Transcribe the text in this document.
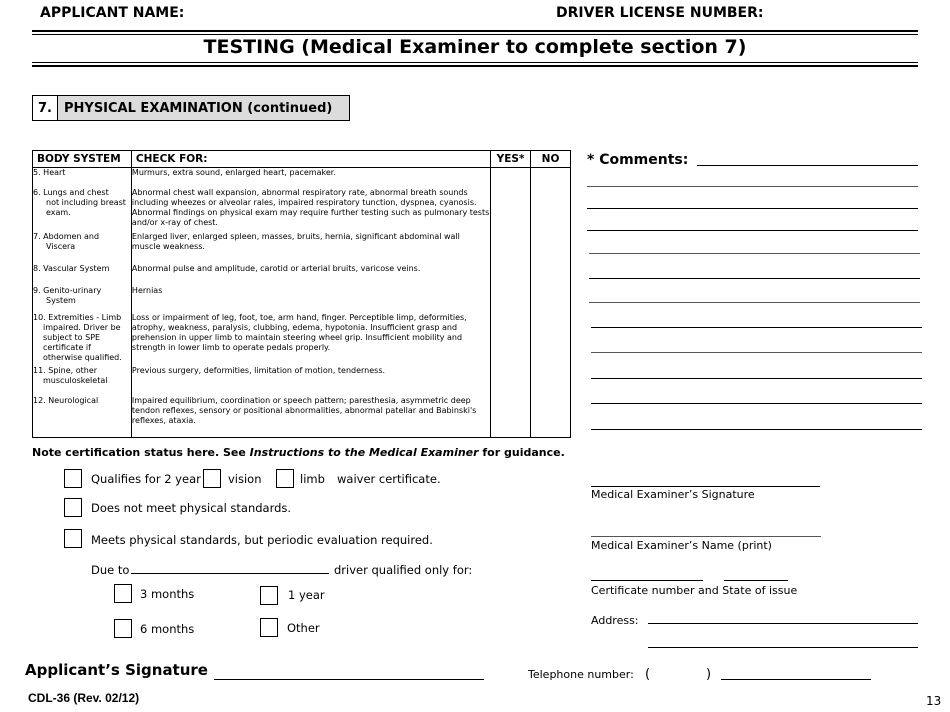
APPLICANT NAME:	DRIVER LICENSE NUMBER:
TESTING (Medical Examiner to complete section 7)
7. PHYSICAL EXAMINATION (continued)
BODY SYSTEM	CHECK FOR:	YES*	NO

5. Heart	Murmurs, extra sound, enlarged heart, pacemaker.		

6. Lungs and chest
not including breast exam.	Abnormal chest wall expansion, abnormal respiratory rate, abnormal breath sounds including wheezes or alveolar rales, impaired respiratory tunction, dyspnea, cyanosis. Abnormal findings on physical exam may require further testing such as pulmonary tests and/or x-ray of chest.		

7. Abdomen and
Viscera	Enlarged liver, enlarged spleen, masses, bruits, hernia, significant abdominal wall muscle weakness.		

8. Vascular System	Abnormal pulse and amplitude, carotid or arterial bruits, varicose veins.		

9. Genito-urinary
System	Hernias		

10. Extremities - Limb
impaired. Driver be subject to SPE certificate if otherwise qualified.	Loss or impairment of leg, foot, toe, arm hand, finger. Perceptible limp, deformities, atrophy, weakness, paralysis, clubbing, edema, hypotonia. Insufficient grasp and prehension in upper limb to maintain steering wheel grip. Insufficient mobility and strength in lower limb to operate pedals properly.		

11. Spine, other
musculoskeletal	Previous surgery, deformities, limitation of motion, tenderness.		

12. Neurological	Impaired equilibrium, coordination or speech pattern; paresthesia, asymmetric deep tendon reflexes, sensory or positional abnormalities, abnormal patellar and Babinski's reflexes, ataxia.		
* Comments:
Note certification status here. See Instructions to the Medical Examiner for guidance.
Qualifies for 2 year vision	limb waiver certificate.
Does not meet physical standards.
Meets physical standards, but periodic evaluation required.
Due to	driver qualified only for:
3 months	1 year
6 months	Other
Medical Examiner’s Signature
Medical Examiner’s Name (print)
Certificate number and State of issue
Address:
Telephone number: (	)
Applicant’s Signature
CDL-36 (Rev. 02/12)	13
